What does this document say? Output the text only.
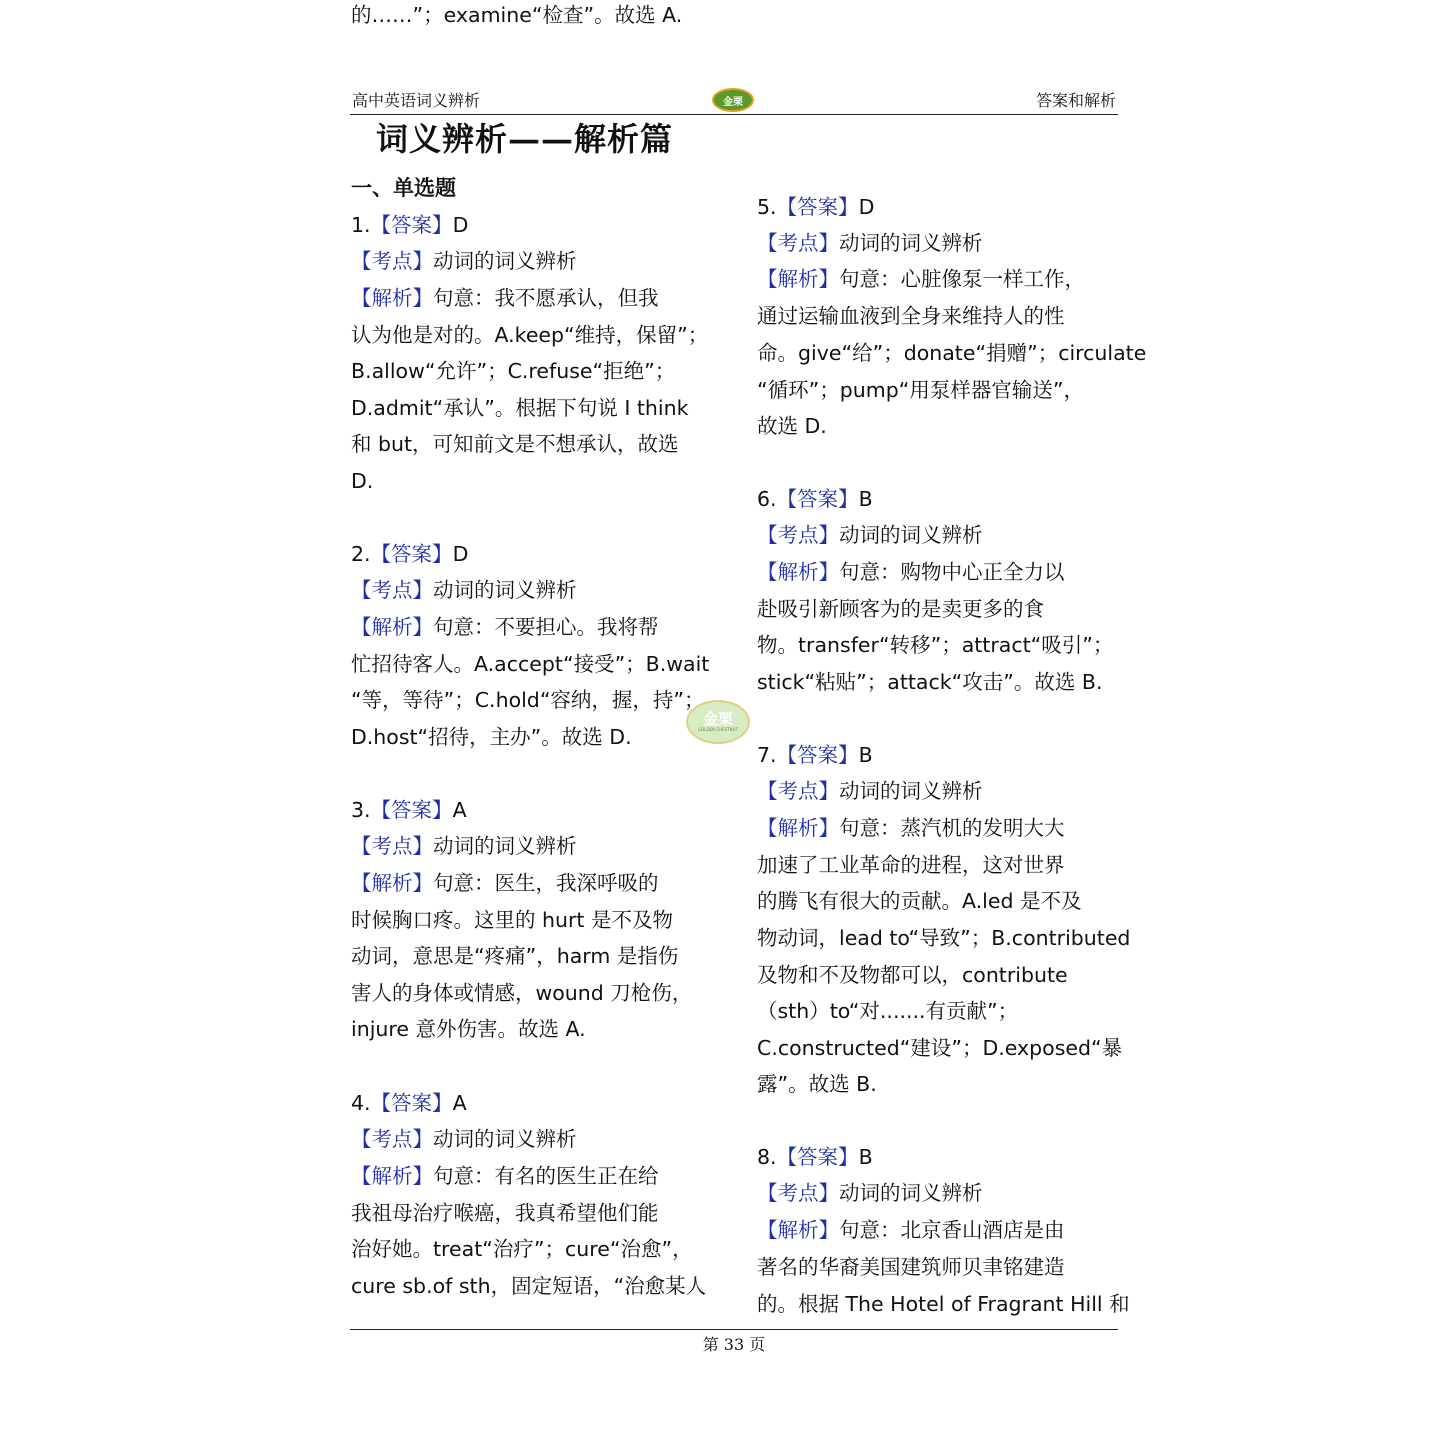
高中英语词义辨析	答案和解析
金栗
词义辨析——解析篇
一、单选题
1.【答案】D
【考点】动词的词义辨析
【解析】句意：我不愿承认，但我
认为他是对的。A.keep“维持，保留”；
B.allow“允许”；C.refuse“拒绝”；
D.admit“承认”。根据下句说 I think
和 but，可知前文是不想承认，故选
D.
2.【答案】D
【考点】动词的词义辨析
【解析】句意：不要担心。我将帮
忙招待客人。A.accept“接受”；B.wait
“等，等待”；C.hold“容纳，握，持”；
D.host“招待，主办”。故选 D.
3.【答案】A
【考点】动词的词义辨析
【解析】句意：医生，我深呼吸的
时候胸口疼。这里的 hurt 是不及物
动词，意思是“疼痛”，harm 是指伤
害人的身体或情感，wound 刀枪伤，
injure 意外伤害。故选 A.
4.【答案】A
【考点】动词的词义辨析
【解析】句意：有名的医生正在给
我祖母治疗喉癌，我真希望他们能
治好她。treat“治疗”；cure“治愈”，
cure sb.of sth，固定短语，“治愈某人
的……”；examine“检查”。故选 A.
5.【答案】D
【考点】动词的词义辨析
【解析】句意：心脏像泵一样工作，
通过运输血液到全身来维持人的性
命。give“给”；donate“捐赠”；circulate
“循环”；pump“用泵样器官输送”，
故选 D.
6.【答案】B
【考点】动词的词义辨析
【解析】句意：购物中心正全力以
赴吸引新顾客为的是卖更多的食
物。transfer“转移”；attract“吸引”；
stick“粘贴”；attack“攻击”。故选 B.
7.【答案】B
【考点】动词的词义辨析
【解析】句意：蒸汽机的发明大大
加速了工业革命的进程，这对世界
的腾飞有很大的贡献。A.led 是不及
物动词，lead to“导致”；B.contributed
及物和不及物都可以，contribute
（sth）to“对.......有贡献”；
C.constructed“建设”；D.exposed“暴
露”。故选 B.
8.【答案】B
【考点】动词的词义辨析
【解析】句意：北京香山酒店是由
著名的华裔美国建筑师贝聿铭建造
的。根据 The Hotel of Fragrant Hill 和
金栗
GOLDEN CHESTNUT
第 33 页
